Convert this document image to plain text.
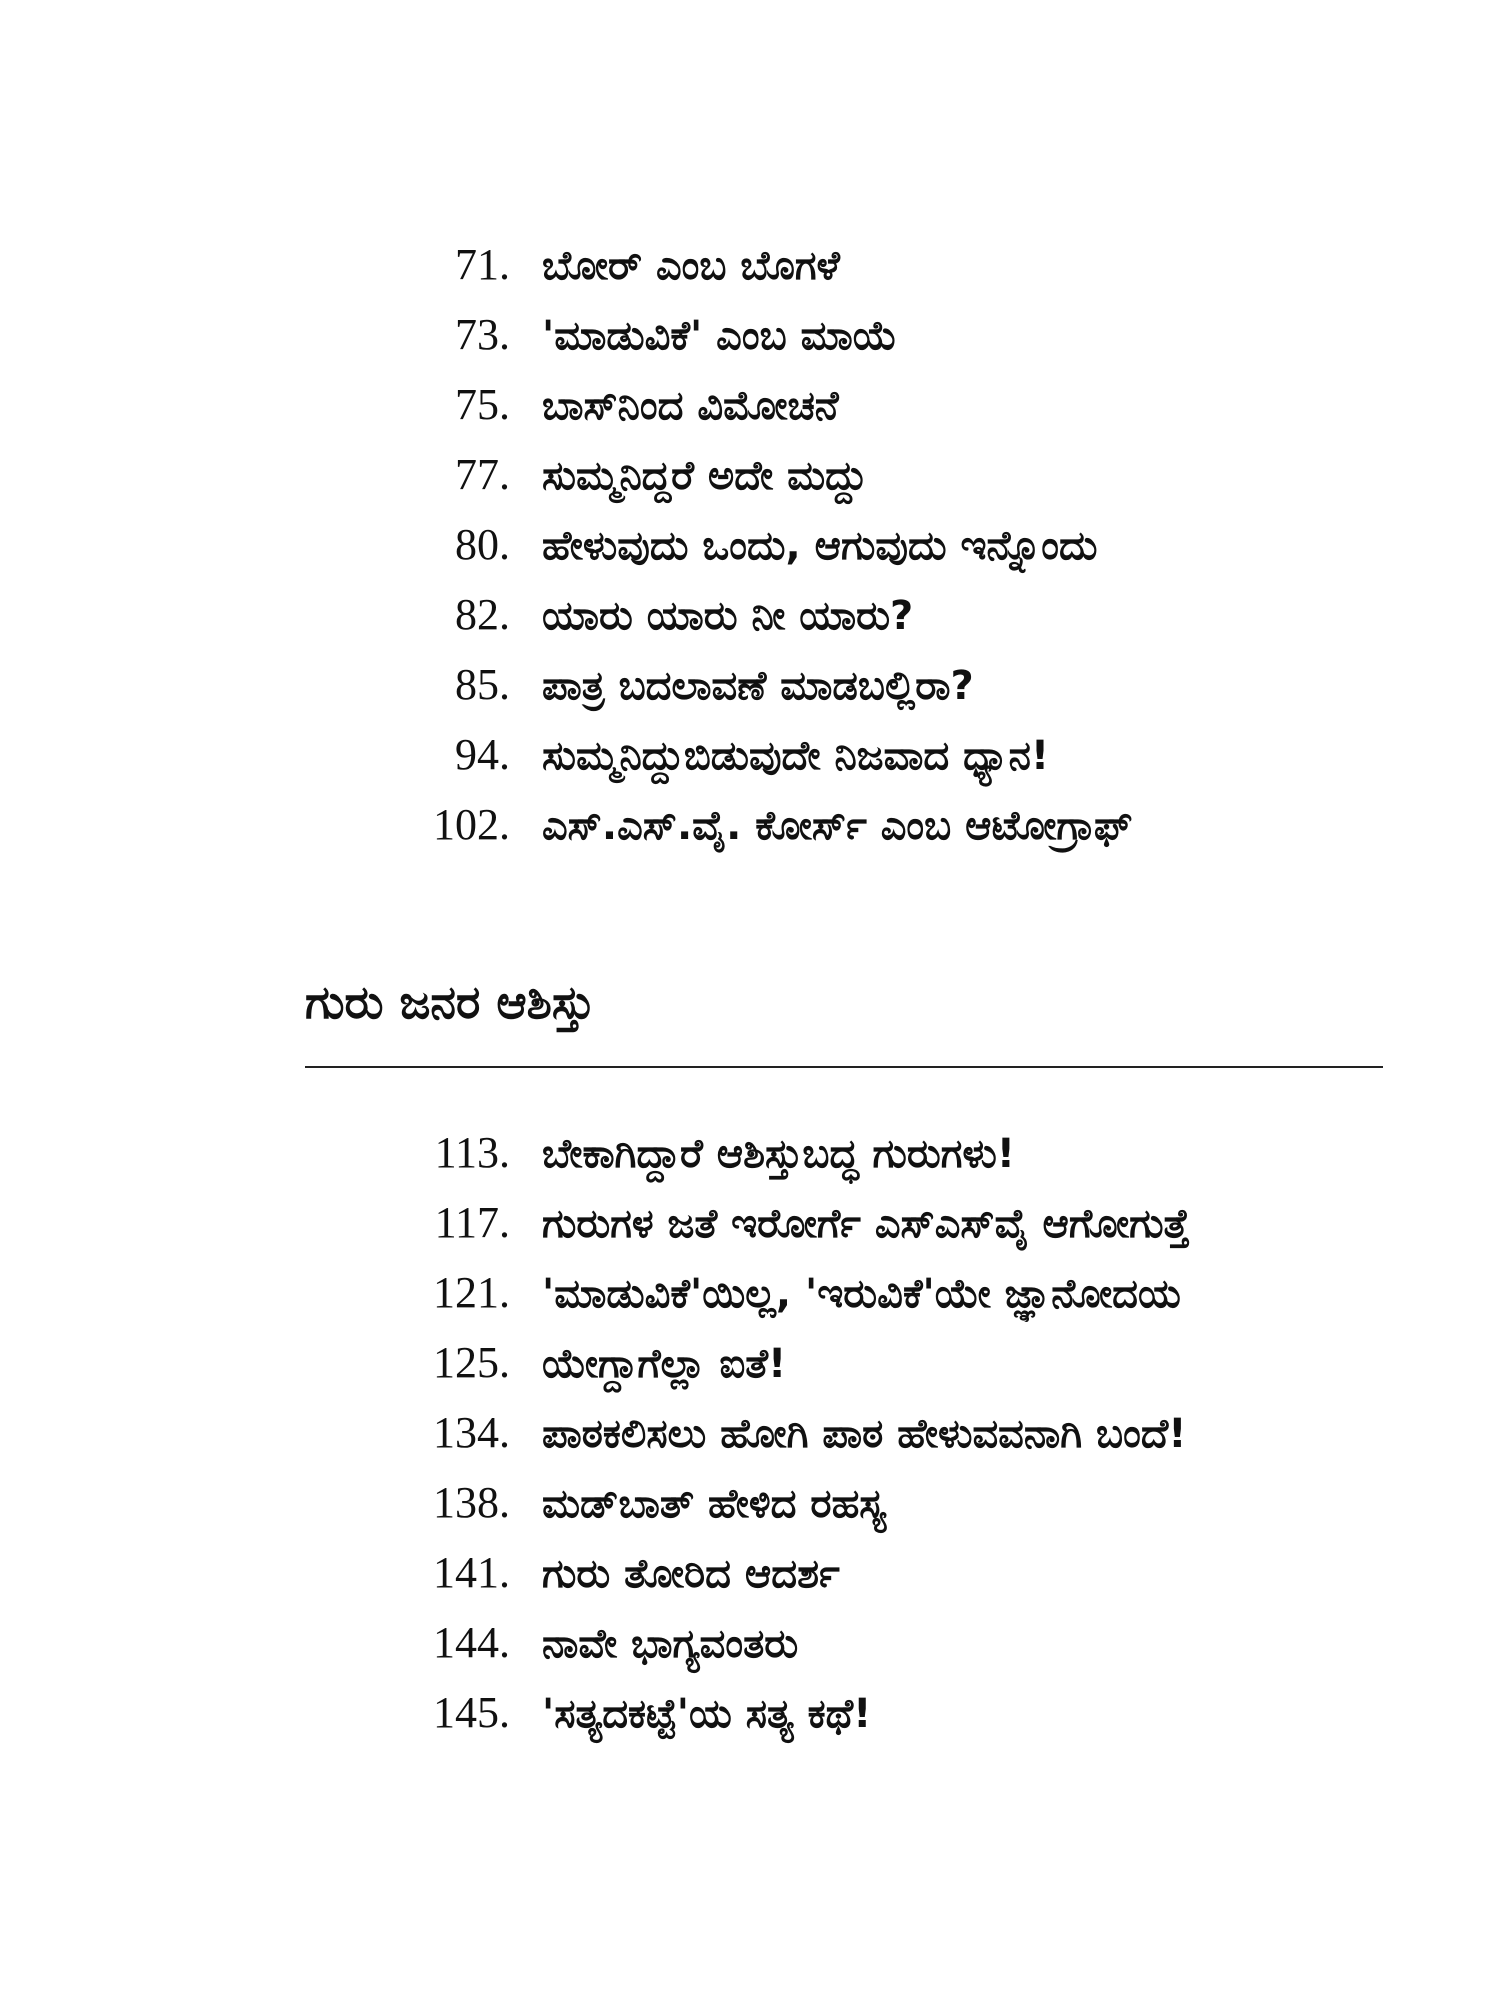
71. ಬೋರ್ ಎಂಬ ಬೊಗಳೆ
73. 'ಮಾಡುವಿಕೆ' ಎಂಬ ಮಾಯೆ
75. ಬಾಸ್‌ನಿಂದ ವಿಮೋಚನೆ
77. ಸುಮ್ಮನಿದ್ದರೆ ಅದೇ ಮದ್ದು
80. ಹೇಳುವುದು ಒಂದು, ಆಗುವುದು ಇನ್ನೊಂದು
82. ಯಾರು ಯಾರು ನೀ ಯಾರು?
85. ಪಾತ್ರ ಬದಲಾವಣೆ ಮಾಡಬಲ್ಲಿರಾ?
94. ಸುಮ್ಮನಿದ್ದುಬಿಡುವುದೇ ನಿಜವಾದ ಧ್ಯಾನ!
102. ಎಸ್.ಎಸ್.ವೈ. ಕೋರ್ಸ್ ಎಂಬ ಆಟೋಗ್ರಾಫ್
ಗುರು ಜನರ ಆಶಿಸ್ತು
113. ಬೇಕಾಗಿದ್ದಾರೆ ಆಶಿಸ್ತುಬದ್ಧ ಗುರುಗಳು!
117. ಗುರುಗಳ ಜತೆ ಇರೋರ್ಗೆ ಎಸ್‌ಎಸ್‌ವೈ ಆಗೋಗುತ್ತೆ
121. 'ಮಾಡುವಿಕೆ'ಯಿಲ್ಲ, 'ಇರುವಿಕೆ'ಯೇ ಜ್ಞಾನೋದಯ
125. ಯೇಗ್ದಾಗೆಲ್ಲಾ ಐತೆ!
134. ಪಾಠಕಲಿಸಲು ಹೋಗಿ ಪಾಠ ಹೇಳುವವನಾಗಿ ಬಂದೆ!
138. ಮಡ್‌ಬಾತ್ ಹೇಳಿದ ರಹಸ್ಯ
141. ಗುರು ತೋರಿದ ಆದರ್ಶ
144. ನಾವೇ ಭಾಗ್ಯವಂತರು
145. 'ಸತ್ಯದಕಟ್ಟೆ'ಯ ಸತ್ಯ ಕಥೆ!
